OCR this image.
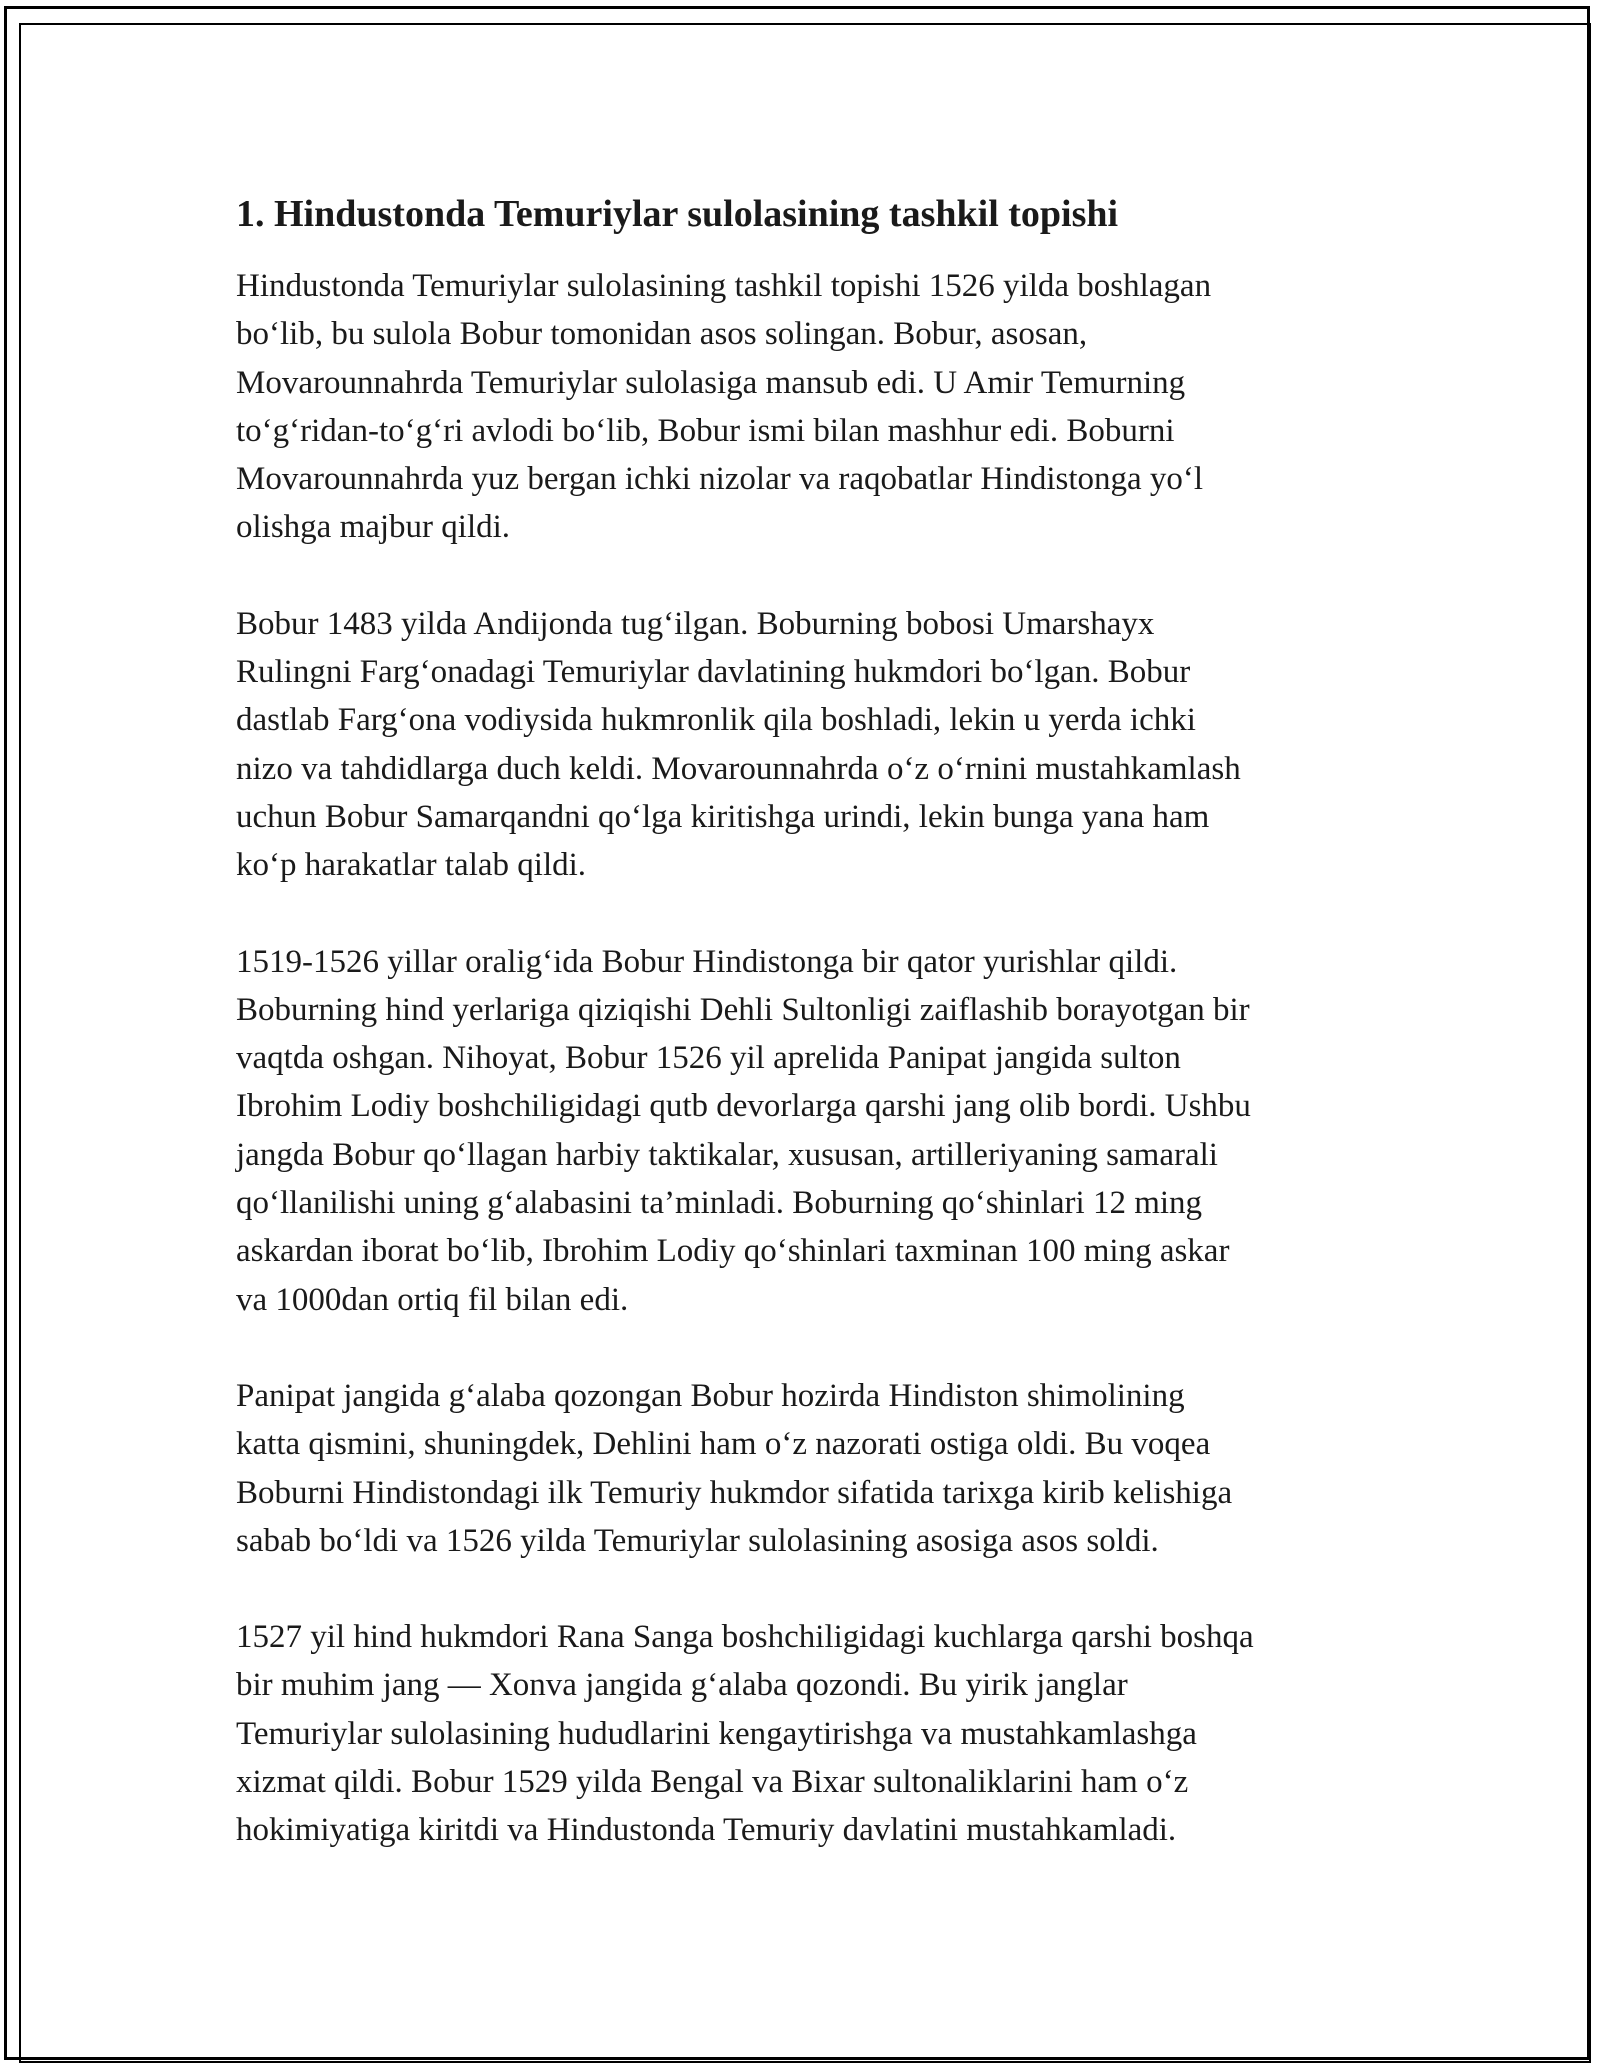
1. Hindustonda Temuriylar sulolasining tashkil topishi

Hindustonda Temuriylar sulolasining tashkil topishi 1526 yilda boshlagan
bo‘lib, bu sulola Bobur tomonidan asos solingan. Bobur, asosan,
Movarounnahrda Temuriylar sulolasiga mansub edi. U Amir Temurning
to‘g‘ridan-to‘g‘ri avlodi bo‘lib, Bobur ismi bilan mashhur edi. Boburni
Movarounnahrda yuz bergan ichki nizolar va raqobatlar Hindistonga yo‘l
olishga majbur qildi.

Bobur 1483 yilda Andijonda tug‘ilgan. Boburning bobosi Umarshayx
Rulingni Farg‘onadagi Temuriylar davlatining hukmdori bo‘lgan. Bobur
dastlab Farg‘ona vodiysida hukmronlik qila boshladi, lekin u yerda ichki
nizo va tahdidlarga duch keldi. Movarounnahrda o‘z o‘rnini mustahkamlash
uchun Bobur Samarqandni qo‘lga kiritishga urindi, lekin bunga yana ham
ko‘p harakatlar talab qildi.

1519-1526 yillar oralig‘ida Bobur Hindistonga bir qator yurishlar qildi.
Boburning hind yerlariga qiziqishi Dehli Sultonligi zaiflashib borayotgan bir
vaqtda oshgan. Nihoyat, Bobur 1526 yil aprelida Panipat jangida sulton
Ibrohim Lodiy boshchiligidagi qutb devorlarga qarshi jang olib bordi. Ushbu
jangda Bobur qo‘llagan harbiy taktikalar, xususan, artilleriyaning samarali
qo‘llanilishi uning g‘alabasini ta’minladi. Boburning qo‘shinlari 12 ming
askardan iborat bo‘lib, Ibrohim Lodiy qo‘shinlari taxminan 100 ming askar
va 1000dan ortiq fil bilan edi.

Panipat jangida g‘alaba qozongan Bobur hozirda Hindiston shimolining
katta qismini, shuningdek, Dehlini ham o‘z nazorati ostiga oldi. Bu voqea
Boburni Hindistondagi ilk Temuriy hukmdor sifatida tarixga kirib kelishiga
sabab bo‘ldi va 1526 yilda Temuriylar sulolasining asosiga asos soldi.

1527 yil hind hukmdori Rana Sanga boshchiligidagi kuchlarga qarshi boshqa
bir muhim jang — Xonva jangida g‘alaba qozondi. Bu yirik janglar
Temuriylar sulolasining hududlarini kengaytirishga va mustahkamlashga
xizmat qildi. Bobur 1529 yilda Bengal va Bixar sultonaliklarini ham o‘z
hokimiyatiga kiritdi va Hindustonda Temuriy davlatini mustahkamladi.
